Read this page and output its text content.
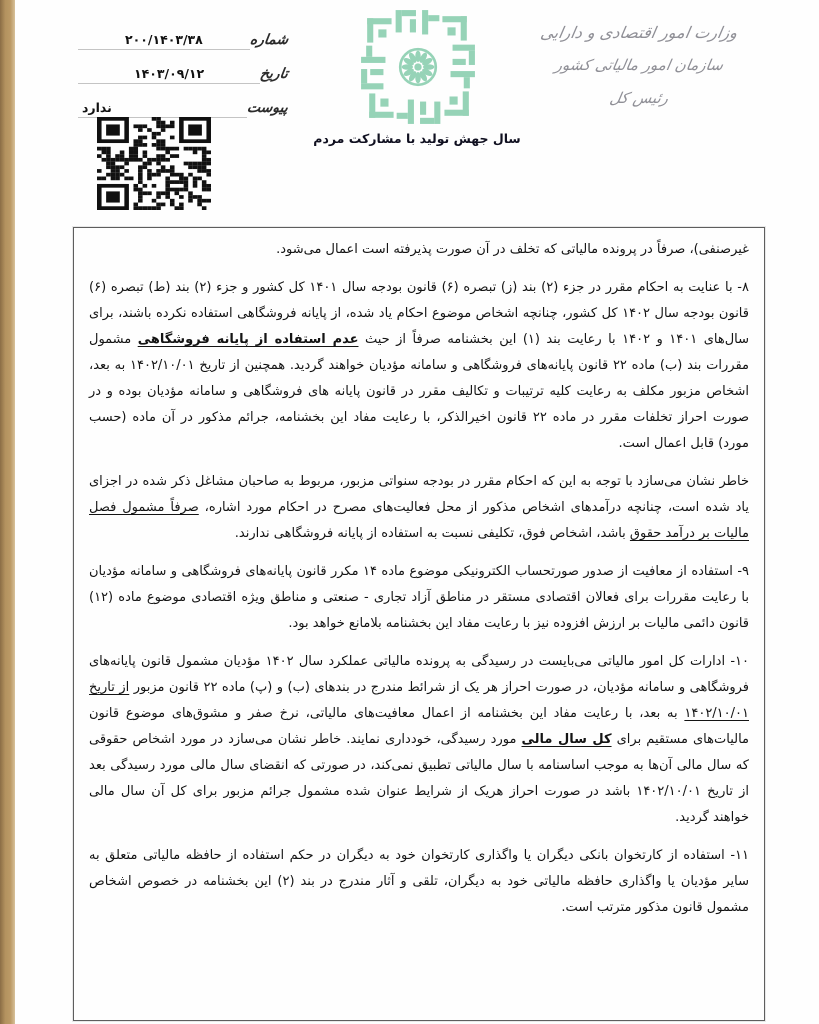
شماره
۲۰۰/۱۴۰۳/۳۸
تاریخ
۱۴۰۳/۰۹/۱۲
پیوست
ندارد
وزارت امور اقتصادی و دارایی
سازمان امور مالیاتی کشور
رئیس کل
سال جهش تولید با مشارکت مردم

غیرصنفی)، صرفاً در پرونده مالیاتی که تخلف در آن صورت پذیرفته است اعمال می‌شود.

۸- با عنایت به احکام مقرر در جزء (۲) بند (ز) تبصره (۶) قانون بودجه سال ۱۴۰۱ کل کشور و جزء (۲) بند (ط) تبصره (۶) قانون بودجه سال ۱۴۰۲ کل کشور، چنانچه اشخاص موضوع احکام یاد شده، از پایانه فروشگاهی استفاده نکرده باشند، برای سال‌های ۱۴۰۱ و ۱۴۰۲ با رعایت بند (۱) این بخشنامه صرفاً از حیث عدم استفاده از پایانه فروشگاهی مشمول مقررات بند (ب) ماده ۲۲ قانون پایانه‌های فروشگاهی و سامانه مؤدیان خواهند گردید. همچنین از تاریخ ۱۴۰۲/۱۰/۰۱ به بعد، اشخاص مزبور مکلف به رعایت کلیه ترتیبات و تکالیف مقرر در قانون پایانه های فروشگاهی و سامانه مؤدیان بوده و در صورت احراز تخلفات مقرر در ماده ۲۲ قانون اخیرالذکر، با رعایت مفاد این بخشنامه، جرائم مذکور در آن ماده (حسب مورد) قابل اعمال است.

خاطر نشان می‌سازد با توجه به این که احکام مقرر در بودجه سنواتی مزبور، مربوط به صاحبان مشاغل ذکر شده در اجزای یاد شده است، چنانچه درآمدهای اشخاص مذکور از محل فعالیت‌های مصرح در احکام مورد اشاره، صرفاً مشمول فصل مالیات بر درآمد حقوق باشد، اشخاص فوق، تکلیفی نسبت به استفاده از پایانه فروشگاهی ندارند.

۹- استفاده از معافیت از صدور صورتحساب الکترونیکی موضوع ماده ۱۴ مکرر قانون پایانه‌های فروشگاهی و سامانه مؤدیان با رعایت مقررات برای فعالان اقتصادی مستقر در مناطق آزاد تجاری - صنعتی و مناطق ویژه اقتصادی موضوع ماده (۱۲) قانون دائمی مالیات بر ارزش افزوده نیز با رعایت مفاد این بخشنامه بلامانع خواهد بود.

۱۰- ادارات کل امور مالیاتی می‌بایست در رسیدگی به پرونده مالیاتی عملکرد سال ۱۴۰۲ مؤدیان مشمول قانون پایانه‌های فروشگاهی و سامانه مؤدیان، در صورت احراز هر یک از شرائط مندرج در بندهای (ب) و (پ) ماده ۲۲ قانون مزبور از تاریخ ۱۴۰۲/۱۰/۰۱ به بعد، با رعایت مفاد این بخشنامه از اعمال معافیت‌های مالیاتی، نرخ صفر و مشوق‌های موضوع قانون مالیات‌های مستقیم برای کل سال مالی مورد رسیدگی، خودداری نمایند. خاطر نشان می‌سازد در مورد اشخاص حقوقی که سال مالی آن‌ها به موجب اساسنامه با سال مالیاتی تطبیق نمی‌کند، در صورتی که انقضای سال مالی مورد رسیدگی بعد از تاریخ ۱۴۰۲/۱۰/۰۱ باشد در صورت احراز هریک از شرایط عنوان شده مشمول جرائم مزبور برای کل آن سال مالی خواهند گردید.

۱۱- استفاده از کارتخوان بانکی دیگران یا واگذاری کارتخوان خود به دیگران در حکم استفاده از حافظه مالیاتی متعلق به سایر مؤدیان یا واگذاری حافظه مالیاتی خود به دیگران، تلقی و آثار مندرج در بند (۲) این بخشنامه در خصوص اشخاص مشمول قانون مذکور مترتب است.
